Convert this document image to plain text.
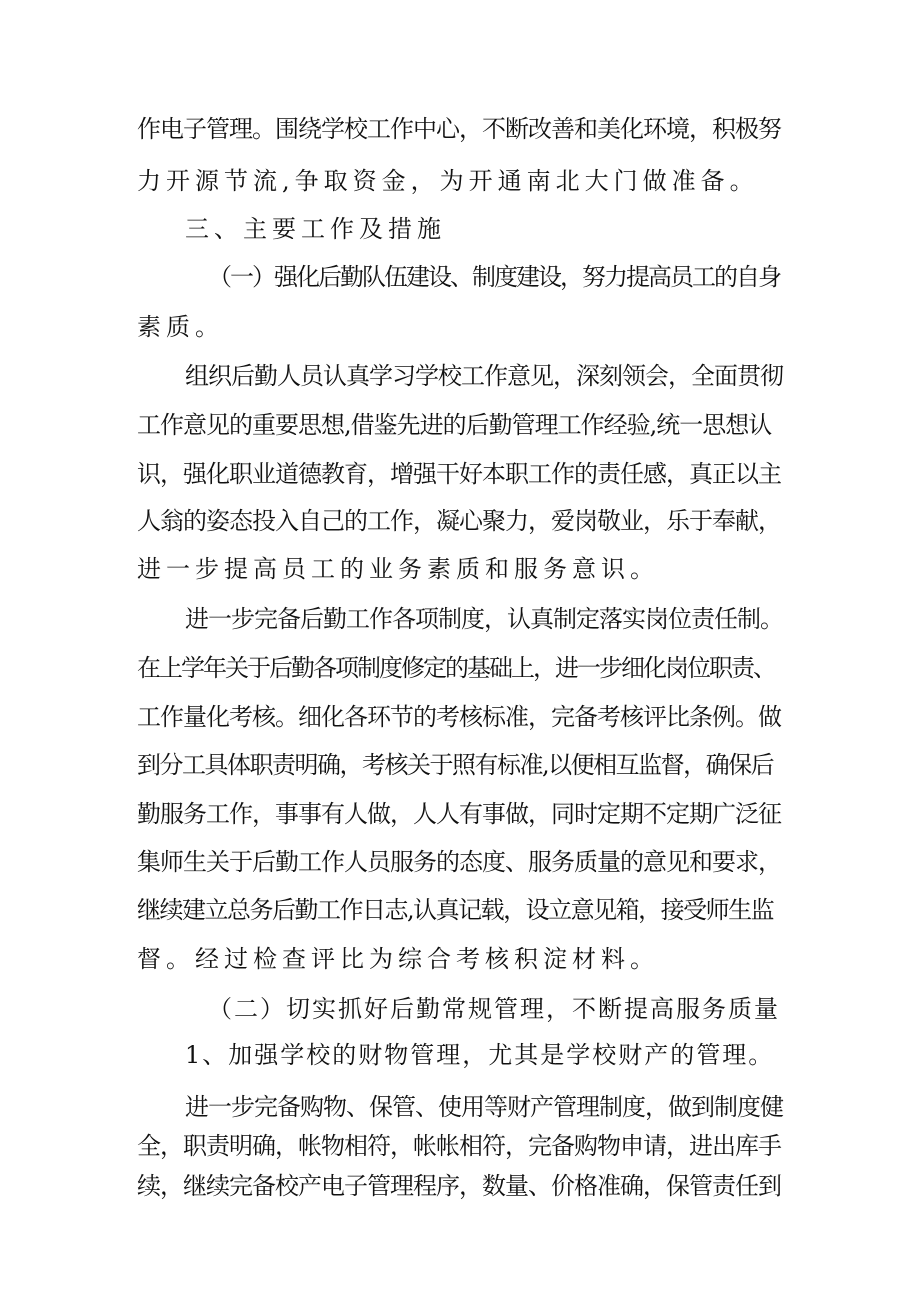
作电子管理。围绕学校工作中心，不断改善和美化环境，积极努
力开源节流,争取资金，为开通南北大门做准备。
三、主要工作及措施
（一）强化后勤队伍建设、制度建设，努力提高员工的自身
素质。
组织后勤人员认真学习学校工作意见，深刻领会，全面贯彻
工作意见的重要思想,借鉴先进的后勤管理工作经验,统一思想认
识，强化职业道德教育，增强干好本职工作的责任感，真正以主
人翁的姿态投入自己的工作，凝心聚力，爱岗敬业，乐于奉献，
进一步提高员工的业务素质和服务意识。
进一步完备后勤工作各项制度，认真制定落实岗位责任制。
在上学年关于后勤各项制度修定的基础上，进一步细化岗位职责、
工作量化考核。细化各环节的考核标准，完备考核评比条例。做
到分工具体职责明确，考核关于照有标准,以便相互监督，确保后
勤服务工作，事事有人做，人人有事做，同时定期不定期广泛征
集师生关于后勤工作人员服务的态度、服务质量的意见和要求，
继续建立总务后勤工作日志,认真记载，设立意见箱，接受师生监
督。经过检查评比为综合考核积淀材料。
（二）切实抓好后勤常规管理，不断提高服务质量
1、加强学校的财物管理，尤其是学校财产的管理。
进一步完备购物、保管、使用等财产管理制度，做到制度健
全，职责明确，帐物相符，帐帐相符，完备购物申请，进出库手
续，继续完备校产电子管理程序，数量、价格准确，保管责任到
